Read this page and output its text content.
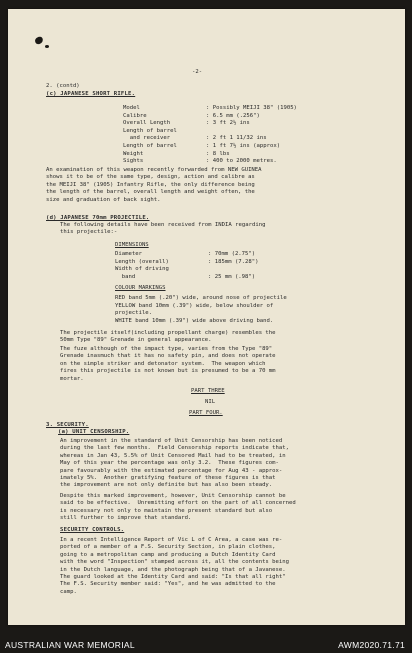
-2-
2. (contd)
(c) JAPANESE SHORT RIFLE.
Model	: Possibly MEIJI 38" (1905)
Calibre	: 6.5 mm (.256")
Overall Length	: 3 ft 2½ ins
Length of barrel
and receiver	: 2 ft 1 11/32 ins
Length of barrel	: 1 ft 7½ ins (approx)
Weight	: 8 lbs
Sights	: 400 to 2000 metres.
An examination of this weapon recently forwarded from NEW GUINEA
shows it to be of the same type, design, action and calibre as
the MEIJI 38" (1905) Infantry Rifle, the only difference being
the length of the barrel, overall length and weight often, the
size and graduation of back sight.
(d) JAPANESE 70mm PROJECTILE.
The following details have been received from INDIA regarding
this projectile:-
DIMENSIONS
Diameter	: 70mm (2.75")
Length (overall)	: 185mm (7.28")
Width of driving
band	: 25 mm (.98")
COLOUR MARKINGS
RED band 5mm (.20") wide, around nose of projectile
YELLOW band 10mm (.39") wide, below shoulder of
projectile.
WHITE band 10mm (.39") wide above driving band.
The projectile itself(including propellant charge) resembles the
50mm Type "89" Grenade in general appearance.
The fuze although of the impact type, varies from the Type "89"
Grenade inasmuch that it has no safety pin, and does not operate
on the simple striker and detonator system.  The weapon which
fires this projectile is not known but is presumed to be a 70 mm
mortar.
PART THREE
NIL
PART FOUR.
3. SECURITY.
(a) UNIT CENSORSHIP.
An improvement in the standard of Unit Censorship has been noticed
during the last few months.  Field Censorship reports indicate that,
whereas in Jan 43, 5.5% of Unit Censored Mail had to be treated, in
May of this year the percentage was only 3.2.  These figures com-
pare favourably with the estimated percentage for Aug 43 - approx-
imately 5%.  Another gratifying feature of these figures is that
the improvement are not only definite but has also been steady.
Despite this marked improvement, however, Unit Censorship cannot be
said to be effective.  Unremitting effort on the part of all concerned
is necessary not only to maintain the present standard but also
still further to improve that standard.
SECURITY CONTROLS.
In a recent Intelligence Report of Vic L of C Area, a case was re-
ported of a member of a F.S. Security Section, in plain clothes,
going to a metropolitan camp and producing a Dutch Identity Card
with the word "Inspection" stamped across it, all the contents being
in the Dutch language, and the photograph being that of a Javanese.
The guard looked at the Identity Card and said: "Is that all right"
The F.S. Security member said: "Yes", and he was admitted to the
camp.
AUSTRALIAN WAR MEMORIAL	AWM2020.71.71
